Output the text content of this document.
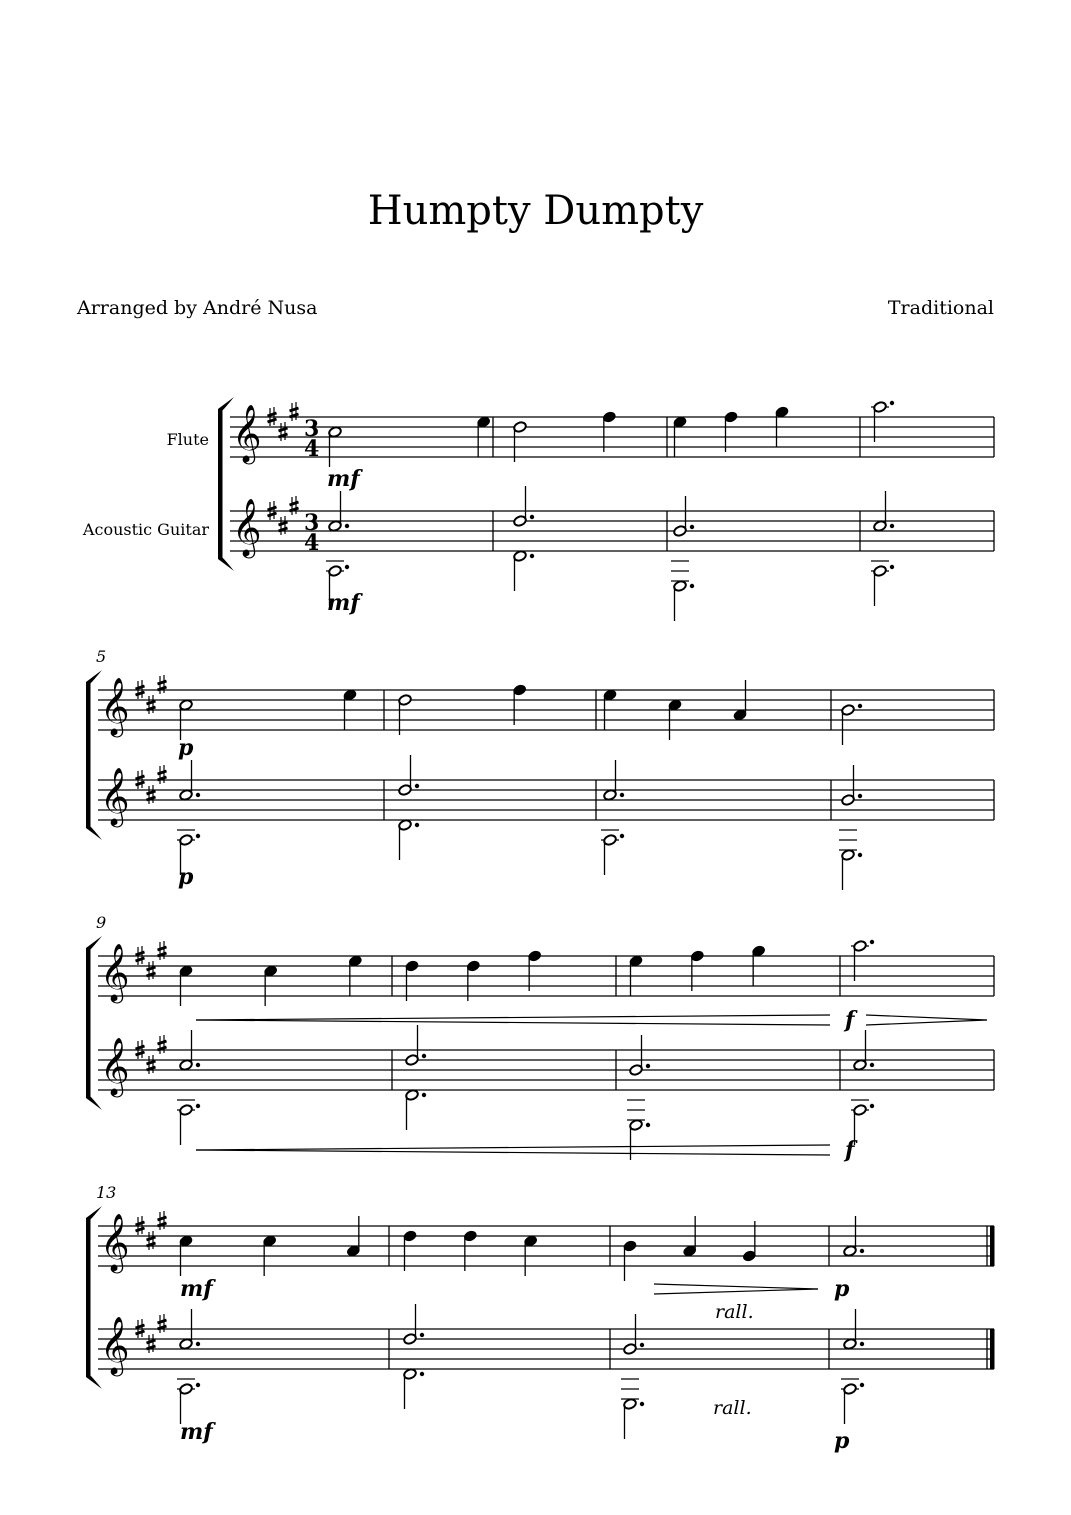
Humpty Dumpty
Arranged by André Nusa	Traditional
𝄞 3
4
𝄞 3
4
Flute
Acoustic Guitar
𝄞
𝄞
5
𝄞
𝄞
9
𝄞
𝄞
13
mf
mf
p
p
f
f
mf	p
rall.
mf
rall.
p
